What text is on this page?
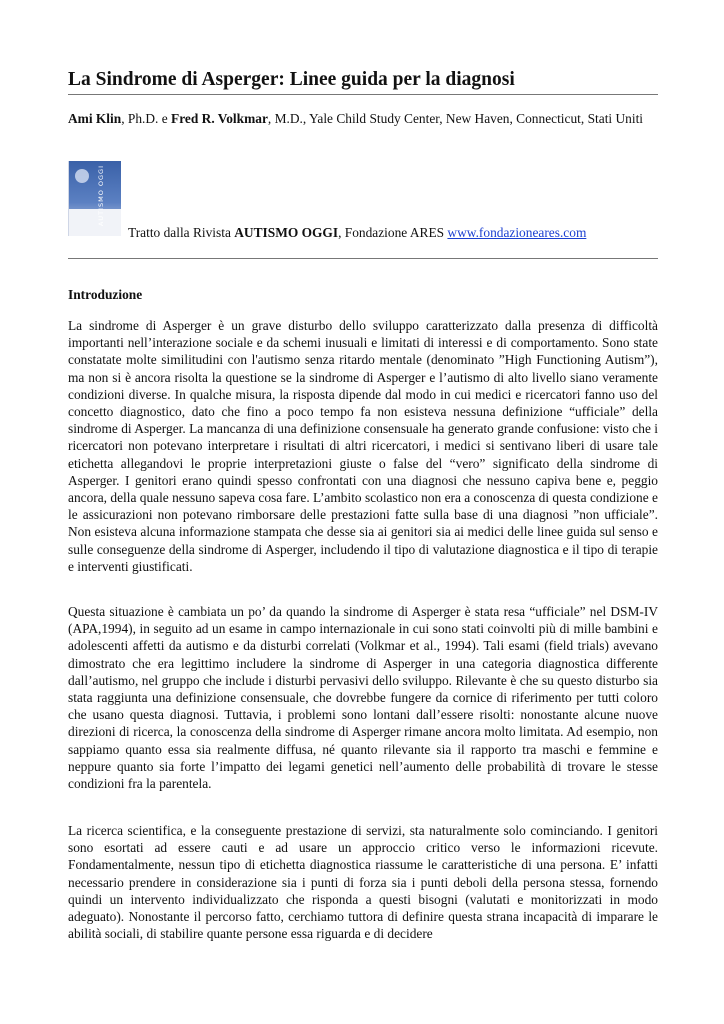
La Sindrome di Asperger: Linee guida per la diagnosi

Ami Klin, Ph.D. e Fred R. Volkmar, M.D., Yale Child Study Center, New Haven, Connecticut, Stati Uniti

AUTISMO OGGI
Tratto dalla Rivista AUTISMO OGGI, Fondazione ARES www.fondazioneares.com
Introduzione

La sindrome di Asperger è un grave disturbo dello sviluppo caratterizzato dalla presenza di difficoltà importanti nell’interazione sociale e da schemi inusuali e limitati di interessi e di comportamento. Sono state constatate molte similitudini con l'autismo senza ritardo mentale (denominato ”High Functioning Autism”), ma non si è ancora risolta la questione se la sindrome di Asperger e l’autismo di alto livello siano veramente condizioni diverse. In qualche misura, la risposta dipende dal modo in cui medici e ricercatori fanno uso del concetto diagnostico, dato che fino a poco tempo fa non esisteva nessuna definizione “ufficiale” della sindrome di Asperger. La mancanza di una definizione consensuale ha generato grande confusione: visto che i ricercatori non potevano interpretare i risultati di altri ricercatori, i medici si sentivano liberi di usare tale etichetta allegandovi le proprie interpretazioni giuste o false del “vero” significato della sindrome di Asperger. I genitori erano quindi spesso confrontati con una diagnosi che nessuno capiva bene e, peggio ancora, della quale nessuno sapeva cosa fare. L’ambito scolastico non era a conoscenza di questa condizione e le assicurazioni non potevano rimborsare delle prestazioni fatte sulla base di una diagnosi ”non ufficiale”. Non esisteva alcuna informazione stampata che desse sia ai genitori sia ai medici delle linee guida sul senso e sulle conseguenze della sindrome di Asperger, includendo il tipo di valutazione diagnostica e il tipo di terapie e interventi giustificati.

Questa situazione è cambiata un po’ da quando la sindrome di Asperger è stata resa “ufficiale” nel DSM-IV (APA,1994), in seguito ad un esame in campo internazionale in cui sono stati coinvolti più di mille bambini e adolescenti affetti da autismo e da disturbi correlati (Volkmar et al., 1994). Tali esami (field trials) avevano dimostrato che era legittimo includere la sindrome di Asperger in una categoria diagnostica differente dall’autismo, nel gruppo che include i disturbi pervasivi dello sviluppo. Rilevante è che su questo disturbo sia stata raggiunta una definizione consensuale, che dovrebbe fungere da cornice di riferimento per tutti coloro che usano questa diagnosi. Tuttavia, i problemi sono lontani dall’essere risolti: nonostante alcune nuove direzioni di ricerca, la conoscenza della sindrome di Asperger rimane ancora molto limitata. Ad esempio, non sappiamo quanto essa sia realmente diffusa, né quanto rilevante sia il rapporto tra maschi e femmine e neppure quanto sia forte l’impatto dei legami genetici nell’aumento delle probabilità di trovare le stesse condizioni fra la parentela.

La ricerca scientifica, e la conseguente prestazione di servizi, sta naturalmente solo cominciando. I genitori sono esortati ad essere cauti e ad usare un approccio critico verso le informazioni ricevute. Fondamentalmente, nessun tipo di etichetta diagnostica riassume le caratteristiche di una persona. E’ infatti necessario prendere in considerazione sia i punti di forza sia i punti deboli della persona stessa, fornendo quindi un intervento individualizzato che risponda a questi bisogni (valutati e monitorizzati in modo adeguato). Nonostante il percorso fatto, cerchiamo tuttora di definire questa strana incapacità di imparare le abilità sociali, di stabilire quante persone essa riguarda e di decidere
